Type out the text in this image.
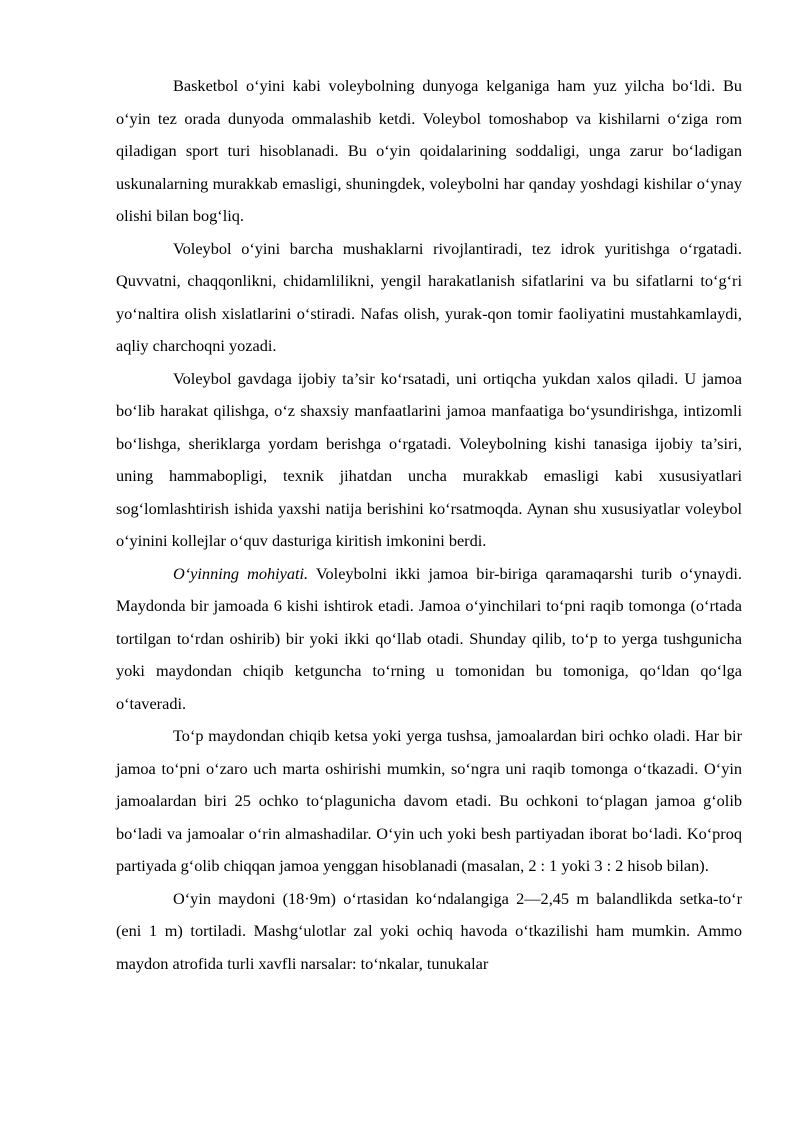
Basketbol o‘yini kabi voleybolning dunyoga kelganiga ham yuz yilcha bo‘ldi. Bu o‘yin tez orada dunyoda ommalashib ketdi. Voleybol tomoshabop va kishilarni o‘ziga rom qiladigan sport turi hisoblanadi. Bu o‘yin qoidalarining soddaligi, unga zarur bo‘ladigan uskunalarning murakkab emasligi, shuningdek, voleybolni har qanday yoshdagi kishilar o‘ynay olishi bilan bog‘liq.

Voleybol o‘yini barcha mushaklarni rivojlantiradi, tez idrok yuritishga o‘rgatadi. Quvvatni, chaqqonlikni, chidamlilikni, yengil harakatlanish sifatlarini va bu sifatlarni to‘g‘ri yo‘naltira olish xislatlarini o‘stiradi. Nafas olish, yurak-qon tomir faoliyatini mustahkamlaydi, aqliy charchoqni yozadi.

Voleybol gavdaga ijobiy ta’sir ko‘rsatadi, uni ortiqcha yukdan xalos qiladi. U jamoa bo‘lib harakat qilishga, o‘z shaxsiy manfaatlarini jamoa manfaatiga bo‘ysundirishga, intizomli bo‘lishga, sheriklarga yordam berishga o‘rgatadi. Voleybolning kishi tanasiga ijobiy ta’siri, uning hammabopligi, texnik jihatdan uncha murakkab emasligi kabi xususiyatlari sog‘lomlashtirish ishida yaxshi natija berishini ko‘rsatmoqda. Aynan shu xususiyatlar voleybol o‘yinini kollejlar o‘quv dasturiga kiritish imkonini berdi.

O‘yinning mohiyati. Voleybolni ikki jamoa bir-biriga qaramaqarshi turib o‘ynaydi. Maydonda bir jamoada 6 kishi ishtirok etadi. Jamoa o‘yinchilari to‘pni raqib tomonga (o‘rtada tortilgan to‘rdan oshirib) bir yoki ikki qo‘llab otadi. Shunday qilib, to‘p to yerga tushgunicha yoki maydondan chiqib ketguncha to‘rning u tomonidan bu tomoniga, qo‘ldan qo‘lga o‘taveradi.

To‘p maydondan chiqib ketsa yoki yerga tushsa, jamoalardan biri ochko oladi. Har bir jamoa to‘pni o‘zaro uch marta oshirishi mumkin, so‘ngra uni raqib tomonga o‘tkazadi. O‘yin jamoalardan biri 25 ochko to‘plagunicha davom etadi. Bu ochkoni to‘plagan jamoa g‘olib bo‘ladi va jamoalar o‘rin almashadilar. O‘yin uch yoki besh partiyadan iborat bo‘ladi. Ko‘proq partiyada g‘olib chiqqan jamoa yenggan hisoblanadi (masalan, 2 : 1 yoki 3 : 2 hisob bilan).

O‘yin maydoni (18·9m) o‘rtasidan ko‘ndalangiga 2—2,45 m balandlikda setka-to‘r (eni 1 m) tortiladi. Mashg‘ulotlar zal yoki ochiq havoda o‘tkazilishi ham mumkin. Ammo maydon atrofida turli xavfli narsalar: to‘nkalar, tunukalar
